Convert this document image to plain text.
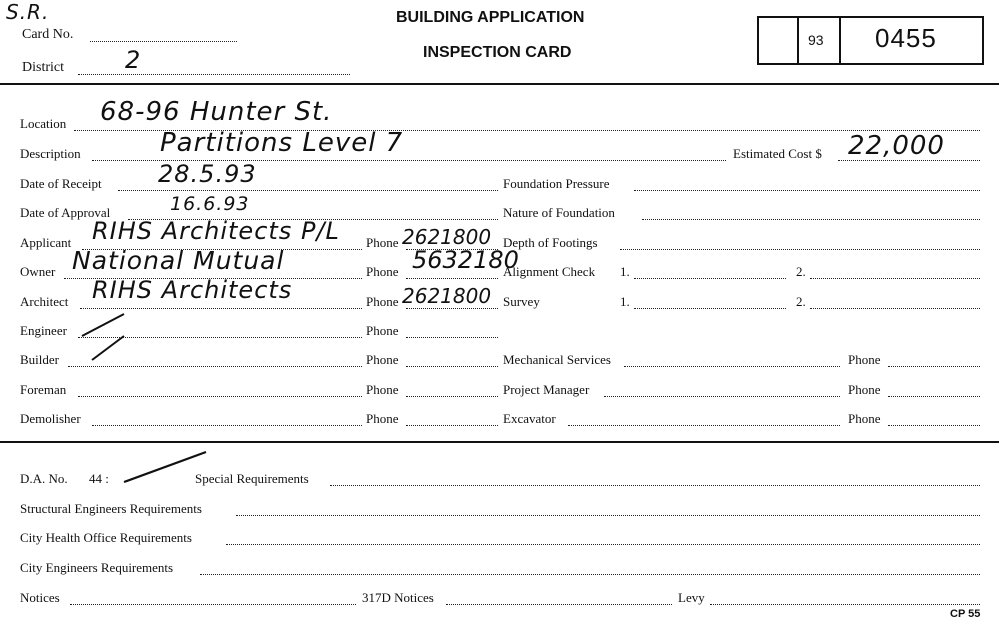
S.R.
Card No.
District	2
BUILDING APPLICATION
INSPECTION CARD
93 0455
Location 68-96 Hunter St.
Description	Partitions Level 7	Estimated Cost $ 22,000
Date of Receipt 28.5.93
Date of Approval	16.6.93
Applicant RIHS Architects P/L Phone 2621800
Owner National Mutual	Phone 5632180
Architect RIHS Architects	Phone 2621800
Engineer	Phone
Builder	Phone
Foreman	Phone
Demolisher	Phone
Foundation Pressure
Nature of Foundation
Depth of Footings
Alignment Check 1.	2.
Survey	1.	2.
Mechanical Services	Phone
Project Manager	Phone
Excavator	Phone
D.A. No. 44 :	Special Requirements
Structural Engineers Requirements
City Health Office Requirements
City Engineers Requirements
Notices	317D Notices	Levy
CP 55
